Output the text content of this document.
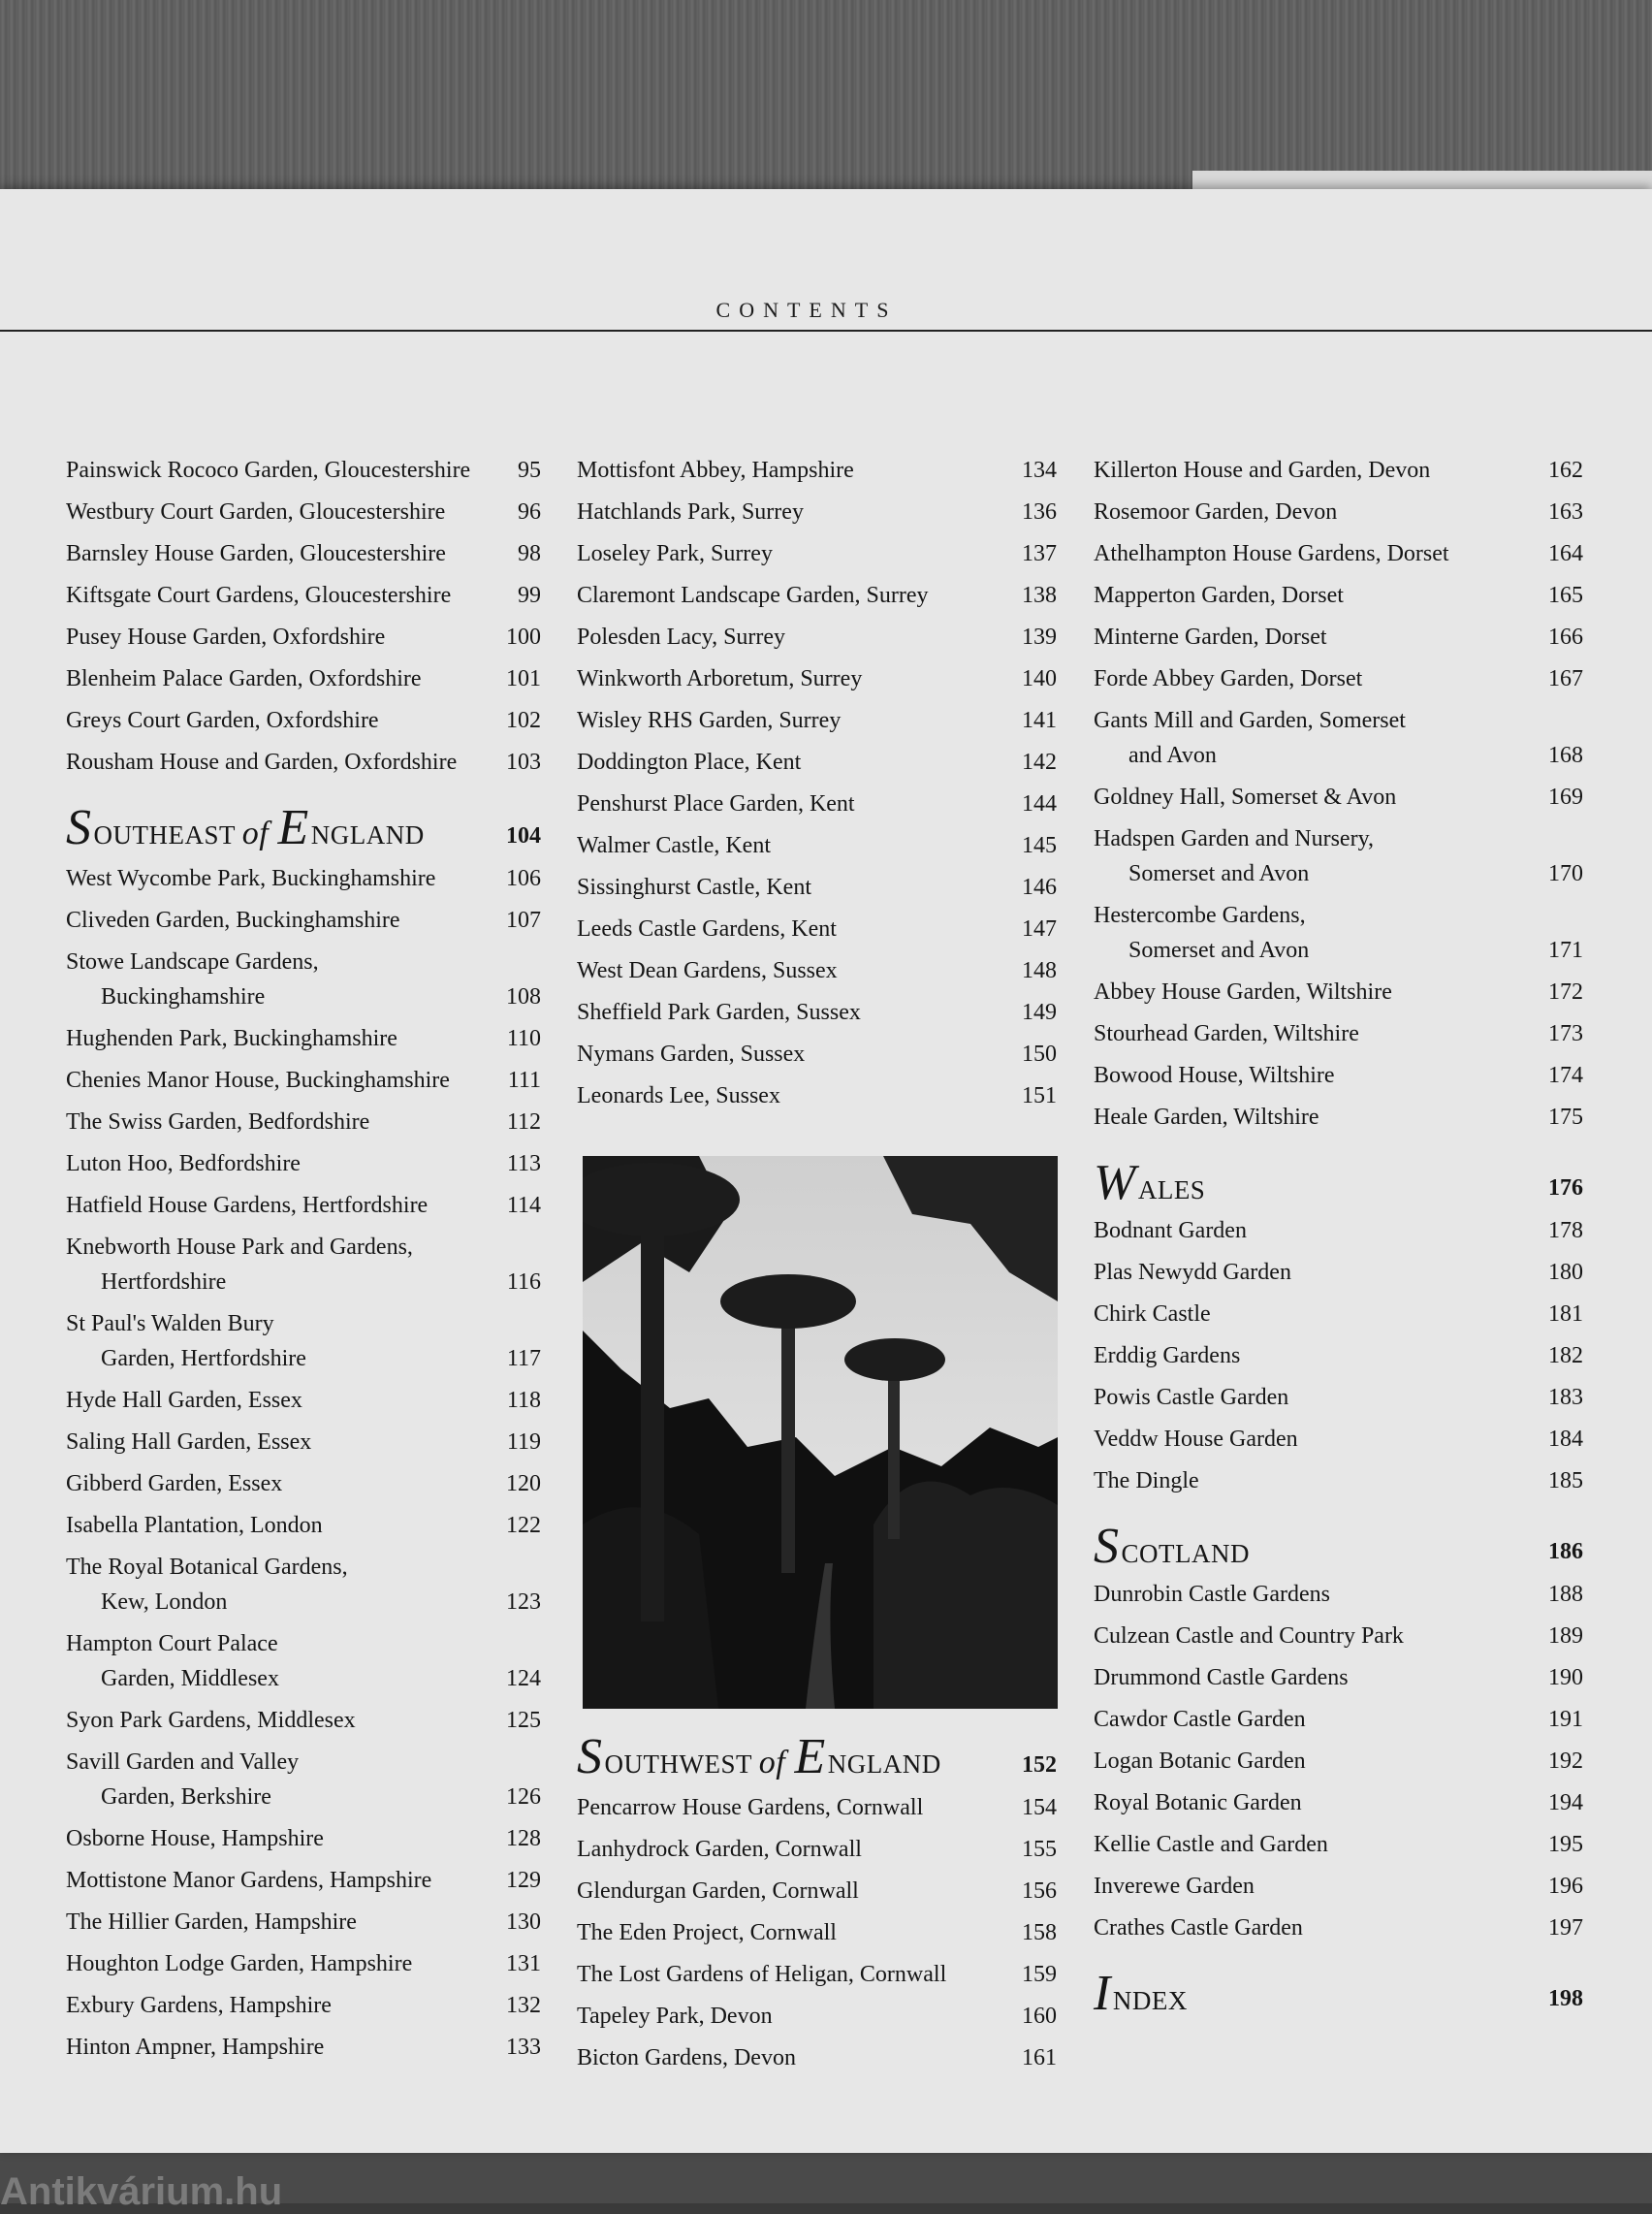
Antikvárium.hu
CONTENTS
Painswick Rococo Garden, Gloucestershire	95
Westbury Court Garden, Gloucestershire	96
Barnsley House Garden, Gloucestershire	98
Kiftsgate Court Gardens, Gloucestershire	99
Pusey House Garden, Oxfordshire	100
Blenheim Palace Garden, Oxfordshire	101
Greys Court Garden, Oxfordshire	102
Rousham House and Garden, Oxfordshire	103
SOUTHEAST of ENGLAND	104
West Wycombe Park, Buckinghamshire	106
Cliveden Garden, Buckinghamshire	107
Stowe Landscape Gardens,
Buckinghamshire	108
Hughenden Park, Buckinghamshire	110
Chenies Manor House, Buckinghamshire	111
The Swiss Garden, Bedfordshire	112
Luton Hoo, Bedfordshire	113
Hatfield House Gardens, Hertfordshire	114
Knebworth House Park and Gardens,
Hertfordshire	116
St Paul's Walden Bury
Garden, Hertfordshire	117
Hyde Hall Garden, Essex	118
Saling Hall Garden, Essex	119
Gibberd Garden, Essex	120
Isabella Plantation, London	122
The Royal Botanical Gardens,
Kew, London	123
Hampton Court Palace
Garden, Middlesex	124
Syon Park Gardens, Middlesex	125
Savill Garden and Valley
Garden, Berkshire	126
Osborne House, Hampshire	128
Mottistone Manor Gardens, Hampshire	129
The Hillier Garden, Hampshire	130
Houghton Lodge Garden, Hampshire	131
Exbury Gardens, Hampshire	132
Hinton Ampner, Hampshire	133
Mottisfont Abbey, Hampshire	134
Hatchlands Park, Surrey	136
Loseley Park, Surrey	137
Claremont Landscape Garden, Surrey	138
Polesden Lacy, Surrey	139
Winkworth Arboretum, Surrey	140
Wisley RHS Garden, Surrey	141
Doddington Place, Kent	142
Penshurst Place Garden, Kent	144
Walmer Castle, Kent	145
Sissinghurst Castle, Kent	146
Leeds Castle Gardens, Kent	147
West Dean Gardens, Sussex	148
Sheffield Park Garden, Sussex	149
Nymans Garden, Sussex	150
Leonards Lee, Sussex	151
SOUTHWEST of ENGLAND	152
Pencarrow House Gardens, Cornwall	154
Lanhydrock Garden, Cornwall	155
Glendurgan Garden, Cornwall	156
The Eden Project, Cornwall	158
The Lost Gardens of Heligan, Cornwall	159
Tapeley Park, Devon	160
Bicton Gardens, Devon	161
Killerton House and Garden, Devon	162
Rosemoor Garden, Devon	163
Athelhampton House Gardens, Dorset	164
Mapperton Garden, Dorset	165
Minterne Garden, Dorset	166
Forde Abbey Garden, Dorset	167
Gants Mill and Garden, Somerset
and Avon	168
Goldney Hall, Somerset & Avon	169
Hadspen Garden and Nursery,
Somerset and Avon	170
Hestercombe Gardens,
Somerset and Avon	171
Abbey House Garden, Wiltshire	172
Stourhead Garden, Wiltshire	173
Bowood House, Wiltshire	174
Heale Garden, Wiltshire	175
WALES	176
Bodnant Garden	178
Plas Newydd Garden	180
Chirk Castle	181
Erddig Gardens	182
Powis Castle Garden	183
Veddw House Garden	184
The Dingle	185
SCOTLAND	186
Dunrobin Castle Gardens	188
Culzean Castle and Country Park	189
Drummond Castle Gardens	190
Cawdor Castle Garden	191
Logan Botanic Garden	192
Royal Botanic Garden	194
Kellie Castle and Garden	195
Inverewe Garden	196
Crathes Castle Garden	197
INDEX	198
